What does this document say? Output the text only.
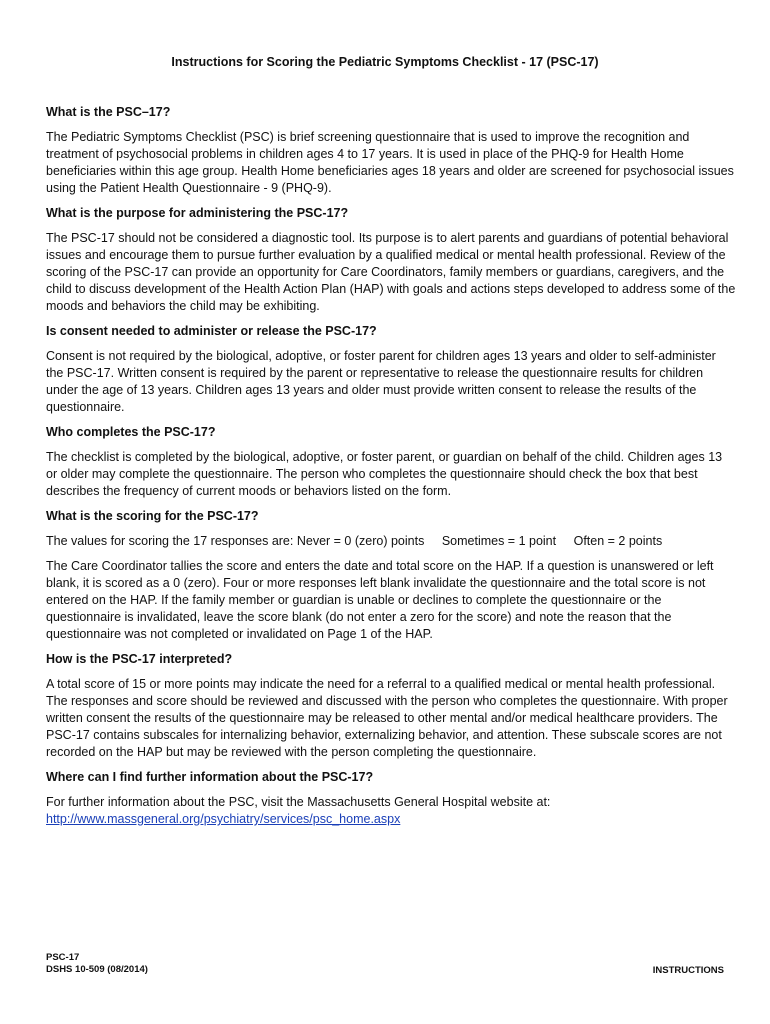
Instructions for Scoring the Pediatric Symptoms Checklist - 17 (PSC-17)
What is the PSC–17?
The Pediatric Symptoms Checklist (PSC) is brief screening questionnaire that is used to improve the recognition and treatment of psychosocial problems in children ages 4 to 17 years. It is used in place of the PHQ-9 for Health Home beneficiaries within this age group. Health Home beneficiaries ages 18 years and older are screened for psychosocial issues using the Patient Health Questionnaire - 9 (PHQ-9).
What is the purpose for administering the PSC-17?
The PSC-17 should not be considered a diagnostic tool. Its purpose is to alert parents and guardians of potential behavioral issues and encourage them to pursue further evaluation by a qualified medical or mental health professional. Review of the scoring of the PSC-17 can provide an opportunity for Care Coordinators, family members or guardians, caregivers, and the child to discuss development of the Health Action Plan (HAP) with goals and actions steps developed to address some of the moods and behaviors the child may be exhibiting.
Is consent needed to administer or release the PSC-17?
Consent is not required by the biological, adoptive, or foster parent for children ages 13 years and older to self-administer the PSC-17. Written consent is required by the parent or representative to release the questionnaire results for children under the age of 13 years. Children ages 13 years and older must provide written consent to release the results of the questionnaire.
Who completes the PSC-17?
The checklist is completed by the biological, adoptive, or foster parent, or guardian on behalf of the child. Children ages 13 or older may complete the questionnaire. The person who completes the questionnaire should check the box that best describes the frequency of current moods or behaviors listed on the form.
What is the scoring for the PSC-17?
The values for scoring the 17 responses are: Never = 0 (zero) points Sometimes = 1 point Often = 2 points
The Care Coordinator tallies the score and enters the date and total score on the HAP. If a question is unanswered or left blank, it is scored as a 0 (zero). Four or more responses left blank invalidate the questionnaire and the total score is not entered on the HAP. If the family member or guardian is unable or declines to complete the questionnaire or the questionnaire is invalidated, leave the score blank (do not enter a zero for the score) and note the reason that the questionnaire was not completed or invalidated on Page 1 of the HAP.
How is the PSC-17 interpreted?
A total score of 15 or more points may indicate the need for a referral to a qualified medical or mental health professional. The responses and score should be reviewed and discussed with the person who completes the questionnaire. With proper written consent the results of the questionnaire may be released to other mental and/or medical healthcare providers. The PSC-17 contains subscales for internalizing behavior, externalizing behavior, and attention. These subscale scores are not recorded on the HAP but may be reviewed with the person completing the questionnaire.
Where can I find further information about the PSC-17?
For further information about the PSC, visit the Massachusetts General Hospital website at:
http://www.massgeneral.org/psychiatry/services/psc_home.aspx
PSC-17
DSHS 10-509 (08/2014)	INSTRUCTIONS
